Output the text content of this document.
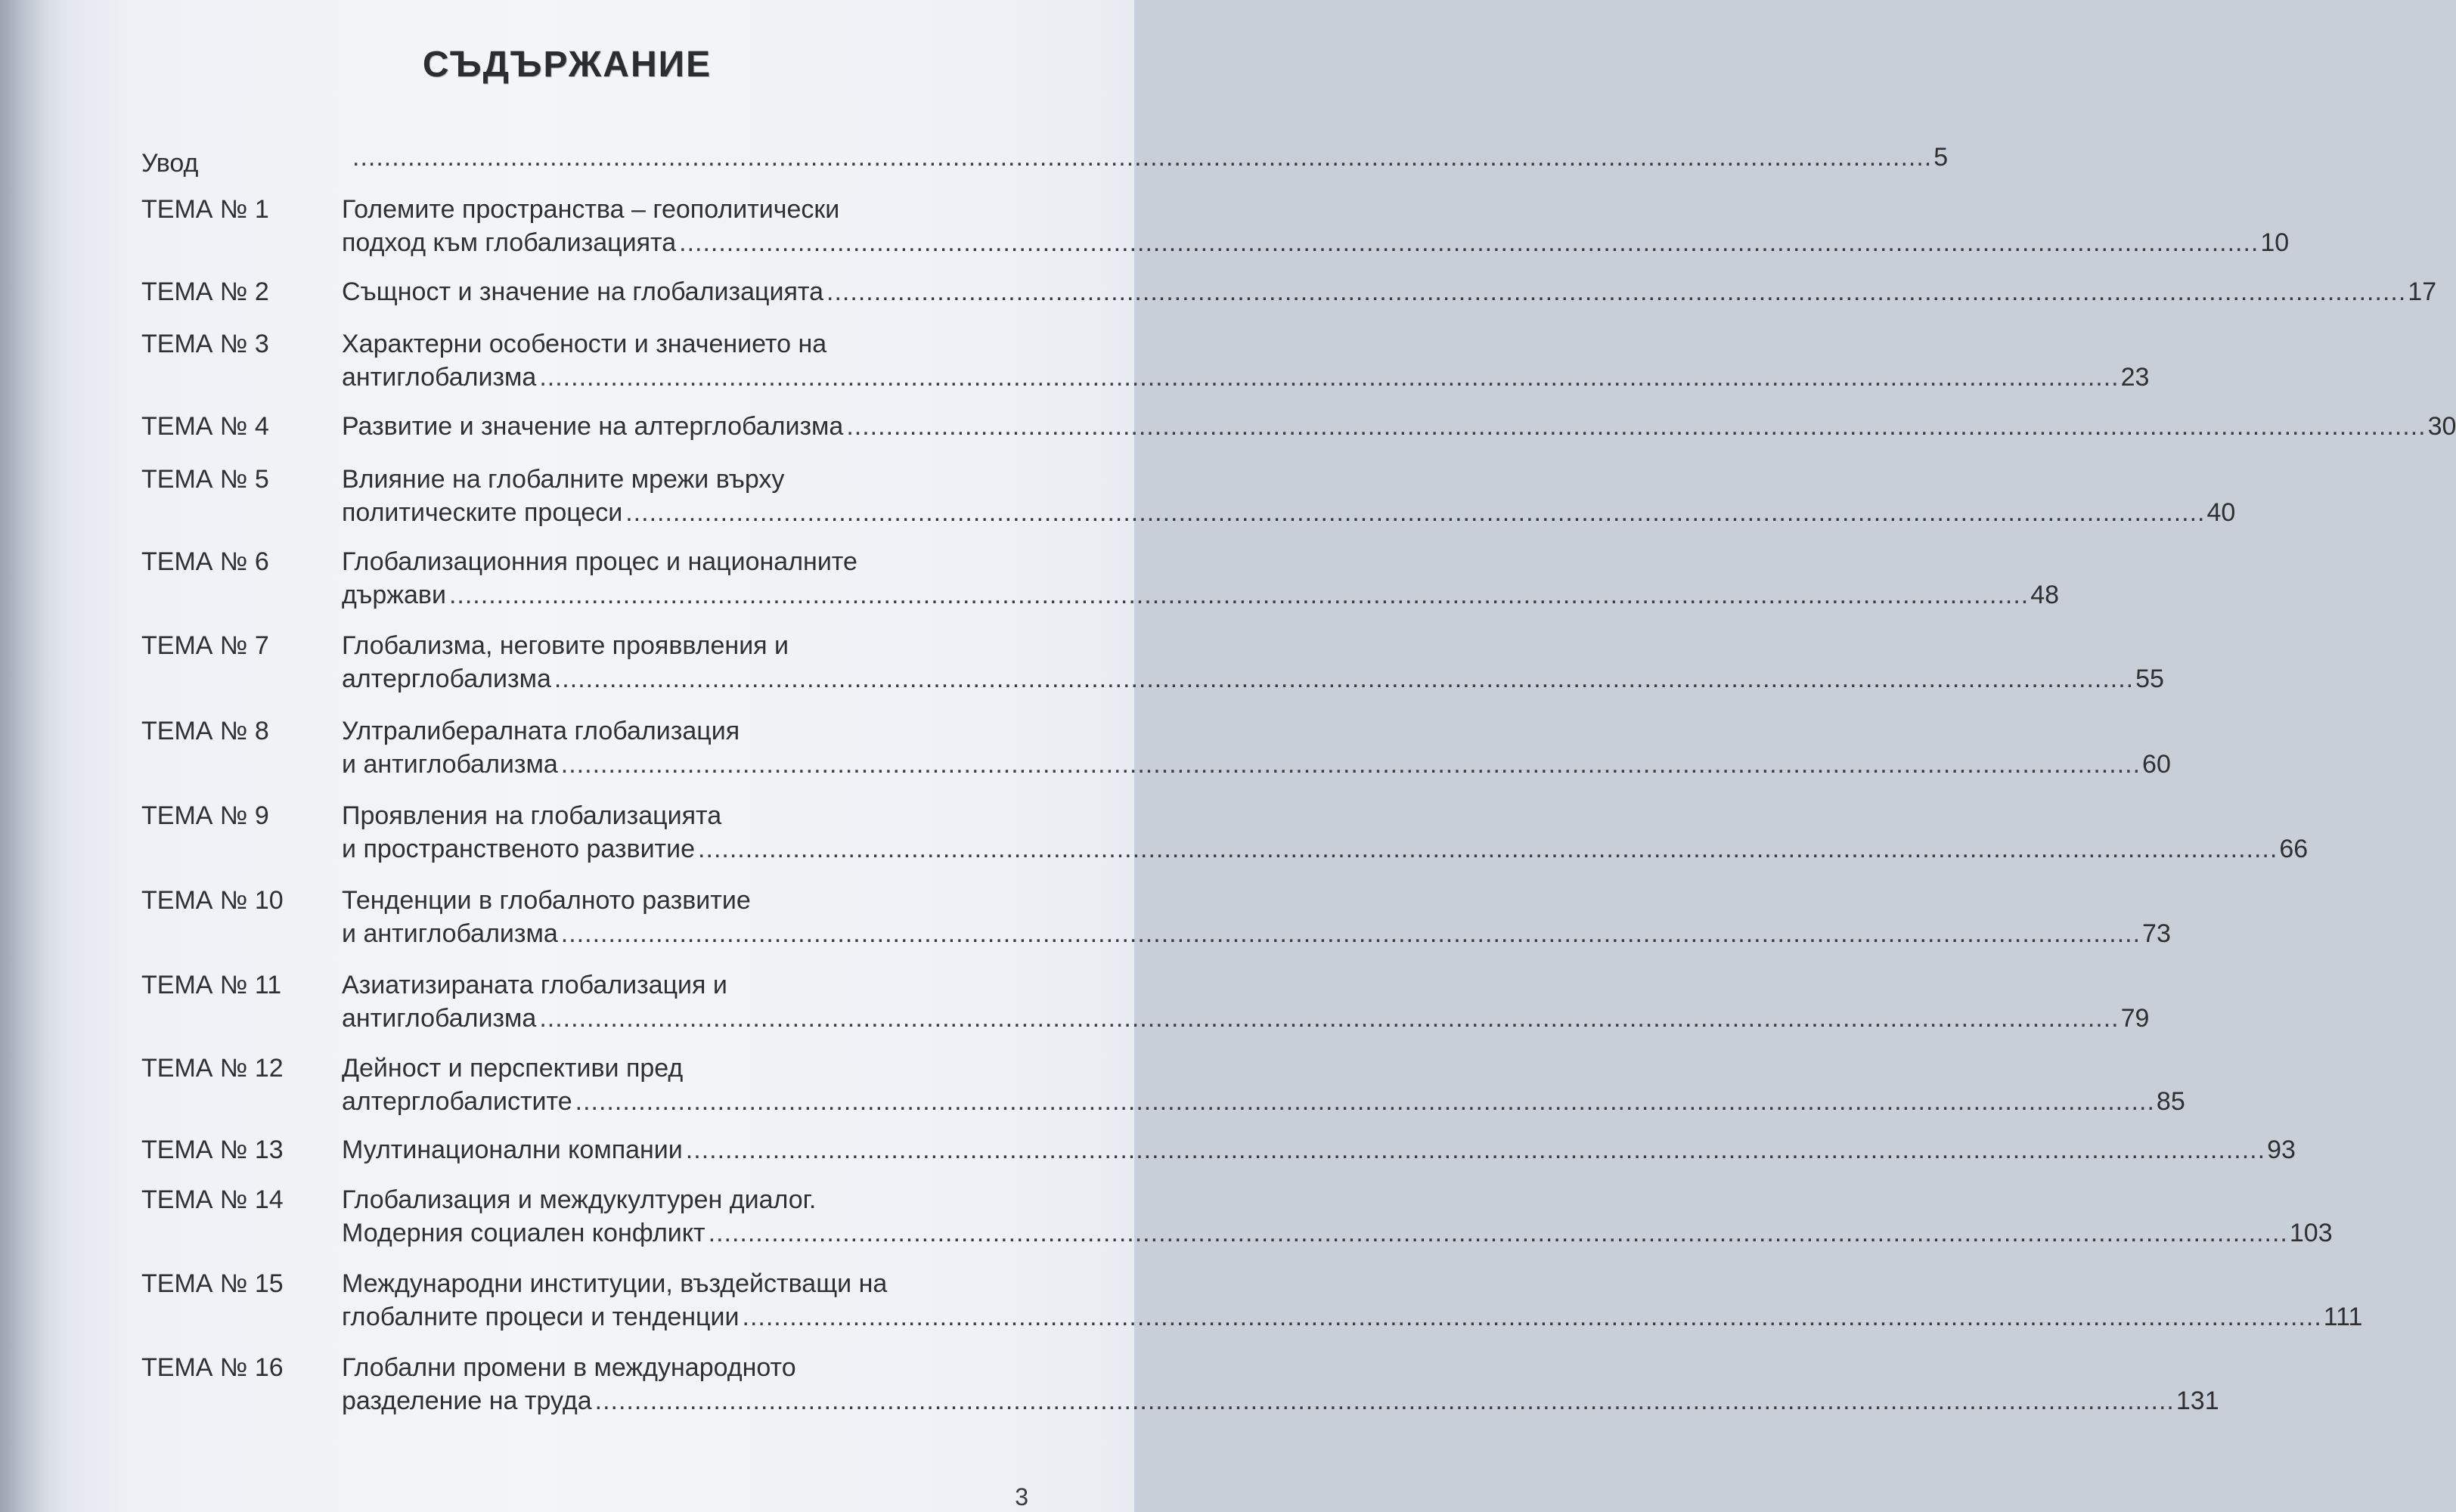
СЪДЪРЖАНИЕ
Увод	........................................................................................................................................................................................................ 5
ТЕМА № 1	Големите пространства – геополитически
подход към глобализацията ........................................................................................................................................................................................................ 10
ТЕМА № 2	Същност и значение на глобализацията ........................................................................................................................................................................................................ 17
ТЕМА № 3	Характерни особености и значението на
антиглобализма ........................................................................................................................................................................................................ 23
ТЕМА № 4	Развитие и значение на алтерглобализма ........................................................................................................................................................................................................ 30
ТЕМА № 5	Влияние на глобалните мрежи върху
политическите процеси ........................................................................................................................................................................................................ 40
ТЕМА № 6	Глобализационния процес и националните
държави ........................................................................................................................................................................................................ 48
ТЕМА № 7	Глобализма, неговите прояввления и
алтерглобализма ........................................................................................................................................................................................................ 55
ТЕМА № 8	Ултралибералната глобализация
и антиглобализма ........................................................................................................................................................................................................ 60
ТЕМА № 9	Проявления на глобализацията
и пространственото развитие ........................................................................................................................................................................................................ 66
ТЕМА № 10 Тенденции в глобалното развитие
и антиглобализма ........................................................................................................................................................................................................ 73
ТЕМА № 11 Азиатизираната глобализация и
антиглобализма ........................................................................................................................................................................................................ 79
ТЕМА № 12 Дейност и перспективи пред
алтерглобалистите ........................................................................................................................................................................................................ 85
ТЕМА № 13 Мултинационални компании ........................................................................................................................................................................................................ 93
ТЕМА № 14 Глобализация и междукултурен диалог.
Модерния социален конфликт ........................................................................................................................................................................................................ 103
ТЕМА № 15 Международни институции, въздействащи на
глобалните процеси и тенденции ........................................................................................................................................................................................................ 111
ТЕМА № 16 Глобални промени в международното
разделение на труда ........................................................................................................................................................................................................ 131
3
